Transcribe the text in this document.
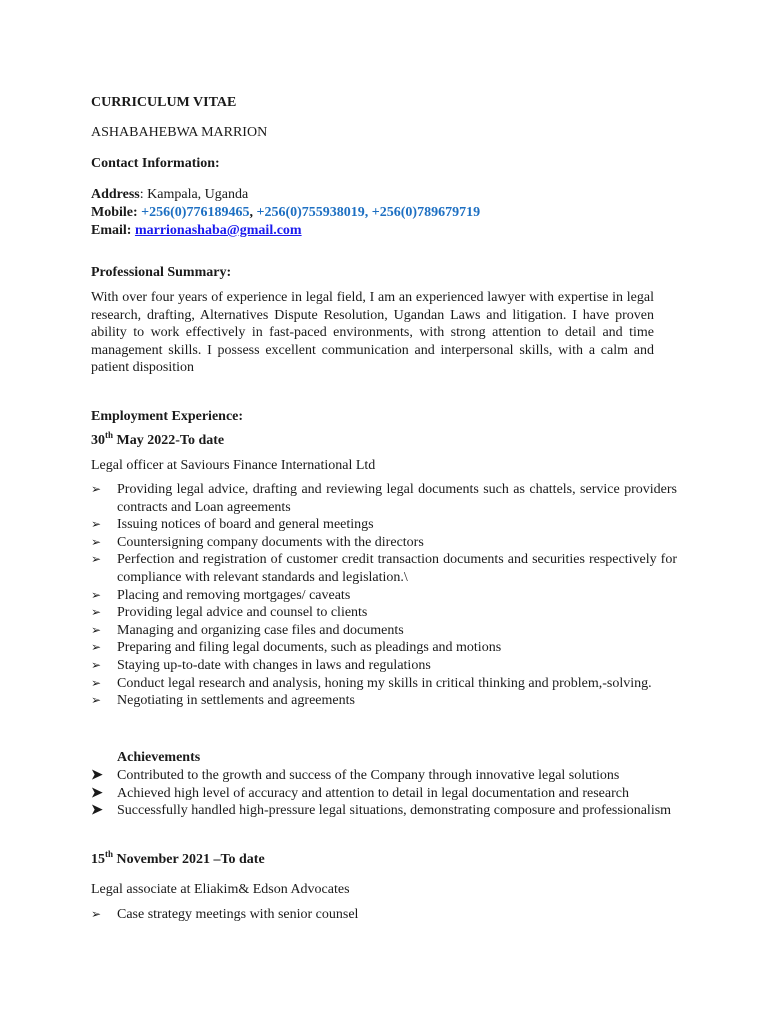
CURRICULUM VITAE
ASHABAHEBWA MARRION
Contact Information:
Address: Kampala, Uganda
Mobile: +256(0)776189465, +256(0)755938019, +256(0)789679719
Email: marrionashaba@gmail.com
Professional Summary:
With over four years of experience in legal field, I am an experienced lawyer with expertise in legal research, drafting, Alternatives Dispute Resolution, Ugandan Laws and litigation. I have proven ability to work effectively in fast-paced environments, with strong attention to detail and time management skills. I possess excellent communication and interpersonal skills, with a calm and patient disposition
Employment Experience:
30th May 2022-To date
Legal officer at Saviours Finance International Ltd
➢ Providing legal advice, drafting and reviewing legal documents such as chattels, service providers contracts and Loan agreements
➢ Issuing notices of board and general meetings
➢ Countersigning company documents with the directors
➢ Perfection and registration of customer credit transaction documents and securities respectively for compliance with relevant standards and legislation.\
➢ Placing and removing mortgages/ caveats
➢ Providing legal advice and counsel to clients
➢ Managing and organizing case files and documents
➢ Preparing and filing legal documents, such as pleadings and motions
➢ Staying up-to-date with changes in laws and regulations
➢ Conduct legal research and analysis, honing my skills in critical thinking and problem,-solving.
➢ Negotiating in settlements and agreements
Achievements
➤ Contributed to the growth and success of the Company through innovative legal solutions
➤ Achieved high level of accuracy and attention to detail in legal documentation and research
➤ Successfully handled high-pressure legal situations, demonstrating composure and professionalism
15th November 2021 –To date
Legal associate at Eliakim& Edson Advocates
➢ Case strategy meetings with senior counsel
